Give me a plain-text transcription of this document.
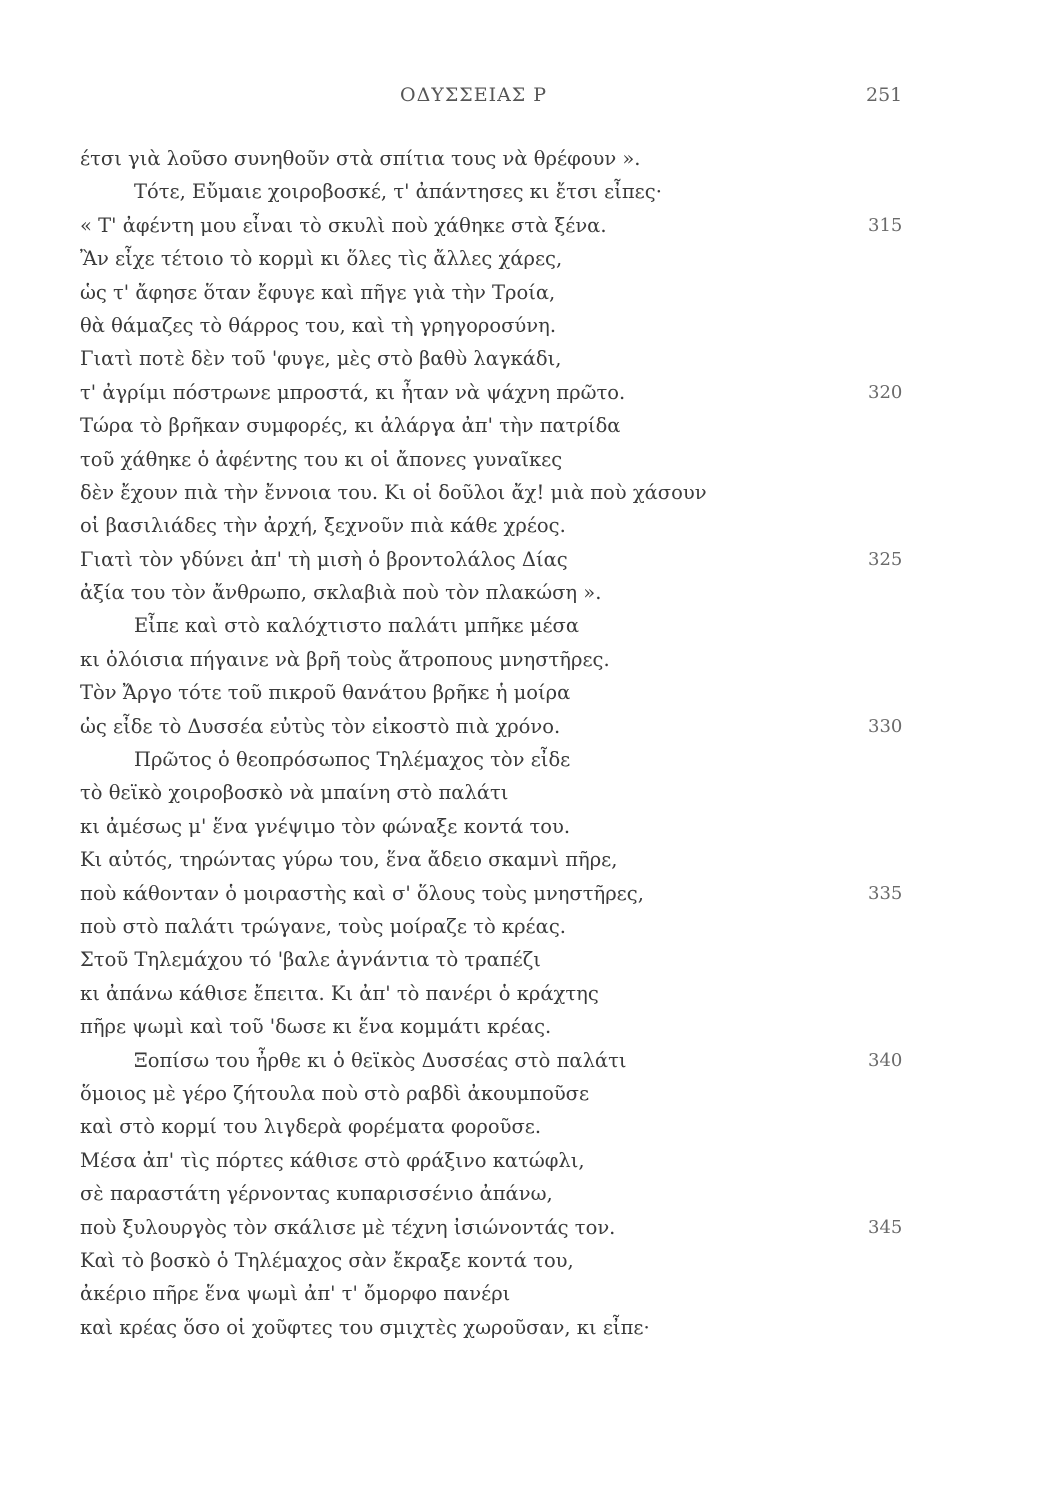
ΟΔΥΣΣΕΙΑΣ Ρ	251
έτσι γιὰ λοῦσο συνηθοῦν στὰ σπίτια τους νὰ θρέφουν ».
Τότε, Εὔμαιε χοιροβοσκέ, τ' ἀπάντησες κι ἔτσι εἶπες·
« Τ' ἀφέντη μου εἶναι τὸ σκυλὶ ποὺ χάθηκε στὰ ξένα.	315
Ἂν εἶχε τέτοιο τὸ κορμὶ κι ὅλες τὶς ἄλλες χάρες,
ὡς τ' ἄφησε ὅταν ἔφυγε καὶ πῆγε γιὰ τὴν Τροία,
θὰ θάμαζες τὸ θάρρος του, καὶ τὴ γρηγοροσύνη.
Γιατὶ ποτὲ δὲν τοῦ 'φυγε, μὲς στὸ βαθὺ λαγκάδι,
τ' ἀγρίμι πόστρωνε μπροστά, κι ἦταν νὰ ψάχνη πρῶτο.	320
Τώρα τὸ βρῆκαν συμφορές, κι ἀλάργα ἀπ' τὴν πατρίδα
τοῦ χάθηκε ὁ ἀφέντης του κι οἱ ἄπονες γυναῖκες
δὲν ἔχουν πιὰ τὴν ἔννοια του. Κι οἱ δοῦλοι ἄχ! μιὰ ποὺ χάσουν
οἱ βασιλιάδες τὴν ἀρχή, ξεχνοῦν πιὰ κάθε χρέος.
Γιατὶ τὸν γδύνει ἀπ' τὴ μισὴ ὁ βροντολάλος Δίας	325
ἀξία του τὸν ἄνθρωπο, σκλαβιὰ ποὺ τὸν πλακώση ».
Εἶπε καὶ στὸ καλόχτιστο παλάτι μπῆκε μέσα
κι ὁλόισια πήγαινε νὰ βρῆ τοὺς ἄτροπους μνηστῆρες.
Τὸν Ἄργο τότε τοῦ πικροῦ θανάτου βρῆκε ἡ μοίρα
ὡς εἶδε τὸ Δυσσέα εὐτὺς τὸν εἰκοστὸ πιὰ χρόνο.	330
Πρῶτος ὁ θεοπρόσωπος Τηλέμαχος τὸν εἶδε
τὸ θεϊκὸ χοιροβοσκὸ νὰ μπαίνη στὸ παλάτι
κι ἀμέσως μ' ἕνα γνέψιμο τὸν φώναξε κοντά του.
Κι αὐτός, τηρώντας γύρω του, ἕνα ἄδειο σκαμνὶ πῆρε,
ποὺ κάθονταν ὁ μοιραστὴς καὶ σ' ὅλους τοὺς μνηστῆρες,	335
ποὺ στὸ παλάτι τρώγανε, τοὺς μοίραζε τὸ κρέας.
Στοῦ Τηλεμάχου τό 'βαλε ἀγνάντια τὸ τραπέζι
κι ἀπάνω κάθισε ἔπειτα. Κι ἀπ' τὸ πανέρι ὁ κράχτης
πῆρε ψωμὶ καὶ τοῦ 'δωσε κι ἕνα κομμάτι κρέας.
Ξοπίσω του ἦρθε κι ὁ θεϊκὸς Δυσσέας στὸ παλάτι	340
ὅμοιος μὲ γέρο ζήτουλα ποὺ στὸ ραβδὶ ἀκουμποῦσε
καὶ στὸ κορμί του λιγδερὰ φορέματα φοροῦσε.
Μέσα ἀπ' τὶς πόρτες κάθισε στὸ φράξινο κατώφλι,
σὲ παραστάτη γέρνοντας κυπαρισσένιο ἀπάνω,
ποὺ ξυλουργὸς τὸν σκάλισε μὲ τέχνη ἰσιώνοντάς τον.	345
Καὶ τὸ βοσκὸ ὁ Τηλέμαχος σὰν ἔκραξε κοντά του,
ἀκέριο πῆρε ἕνα ψωμὶ ἀπ' τ' ὄμορφο πανέρι
καὶ κρέας ὅσο οἱ χοῦφτες του σμιχτὲς χωροῦσαν, κι εἶπε·
